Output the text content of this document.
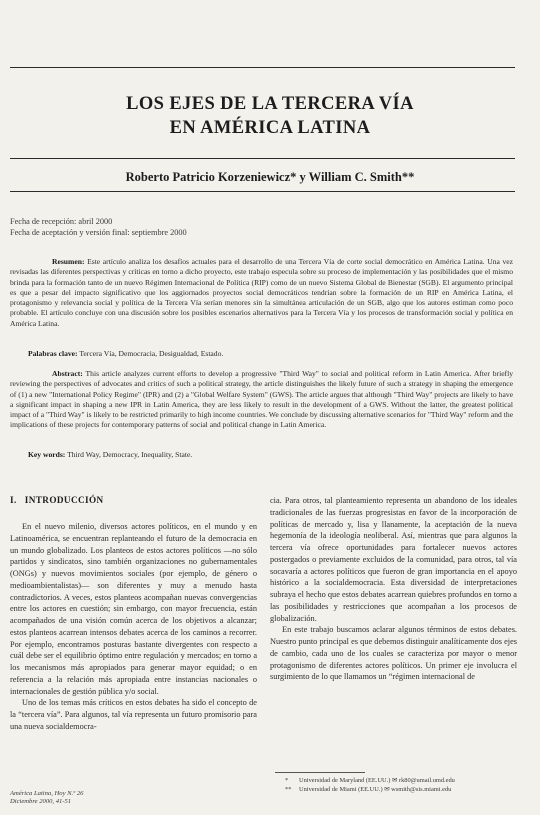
LOS EJES DE LA TERCERA VÍA
EN AMÉRICA LATINA
Roberto Patricio Korzeniewicz* y William C. Smith**
Fecha de recepción: abril 2000
Fecha de aceptación y versión final: septiembre 2000
Resumen: Este artículo analiza los desafíos actuales para el desarrollo de una Tercera Vía de corte social democrático en América Latina. Una vez revisadas las diferentes perspectivas y críticas en torno a dicho proyecto, este trabajo especula sobre su proceso de implementación y las posibilidades que el mismo brinda para la formación tanto de un nuevo Régimen Internacional de Política (RIP) como de un nuevo Sistema Global de Bienestar (SGB). El argumento principal es que a pesar del impacto significativo que los aggiornados proyectos social democráticos tendrían sobre la formación de un RIP en América Latina, el protagonismo y relevancia social y política de la Tercera Vía serían menores sin la simultánea articulación de un SGB, algo que los autores estiman como poco probable. El artículo concluye con una discusión sobre los posibles escenarios alternativos para la Tercera Vía y los procesos de transformación social y política en América Latina.
Palabras clave: Tercera Vía, Democracia, Desigualdad, Estado.
Abstract: This article analyzes current efforts to develop a progressive "Third Way" to social and political reform in Latin America. After briefly reviewing the perspectives of advocates and critics of such a political strategy, the article distinguishes the likely future of such a strategy in shaping the emergence of (1) a new "International Policy Regime" (IPR) and (2) a "Global Welfare System" (GWS). The article argues that although "Third Way" projects are likely to have a significant impact in shaping a new IPR in Latin America, they are less likely to result in the development of a GWS. Without the latter, the greatest political impact of a "Third Way" is likely to be restricted primarily to high income countries. We conclude by discussing alternative scenarios for "Third Way" reform and the implications of these projects for contemporary patterns of social and political change in Latin America.
Key words: Third Way, Democracy, Inequality, State.
I.   INTRODUCCIÓN

En el nuevo milenio, diversos actores políticos, en el mundo y en Latinoamérica, se encuentran replanteando el futuro de la democracia en un mundo globalizado. Los planteos de estos actores políticos —no sólo partidos y sindicatos, sino también organizaciones no gubernamentales (ONGs) y nuevos movimientos sociales (por ejemplo, de género o medioambientalistas)— son diferentes y muy a menudo hasta contradictorios. A veces, estos planteos acompañan nuevas convergencias entre los actores en cuestión; sin embargo, con mayor frecuencia, están acompañados de una visión común acerca de los objetivos a alcanzar; estos planteos acarrean intensos debates acerca de los caminos a recorrer. Por ejemplo, encontramos posturas bastante divergentes con respecto a cuál debe ser el equilibrio óptimo entre regulación y mercados; en torno a los mecanismos más apropiados para generar mayor equidad; o en referencia a la relación más apropiada entre instancias nacionales o internacionales de gestión pública y/o social.

Uno de los temas más críticos en estos debates ha sido el concepto de la “tercera vía”. Para algunos, tal vía representa un futuro promisorio para una nueva socialdemocra-

cia. Para otros, tal planteamiento representa un abandono de los ideales tradicionales de las fuerzas progresistas en favor de la incorporación de políticas de mercado y, lisa y llanamente, la aceptación de la nueva hegemonía de la ideología neoliberal. Así, mientras que para algunos la tercera vía ofrece oportunidades para fortalecer nuevos actores postergados o previamente excluidos de la comunidad, para otros, tal vía socavaría a actores políticos que fueron de gran importancia en el apoyo histórico a la socialdemocracia. Esta diversidad de interpretaciones subraya el hecho que estos debates acarrean quiebres profundos en torno a las posibilidades y restricciones que acompañan a los procesos de globalización.

En este trabajo buscamos aclarar algunos términos de estos debates. Nuestro punto principal es que debemos distinguir analíticamente dos ejes de cambio, cada uno de los cuales se caracteriza por mayor o menor protagonismo de diferentes actores políticos. Un primer eje involucra el surgimiento de lo que llamamos un “régimen internacional de

* Universidad de Maryland (EE.UU.) ✉ rk80@umail.umd.edu
** Universidad de Miami (EE.UU.) ✉ wsmith@sis.miami.edu
América Latina, Hoy N.º 26
Diciembre 2000, 41-51
